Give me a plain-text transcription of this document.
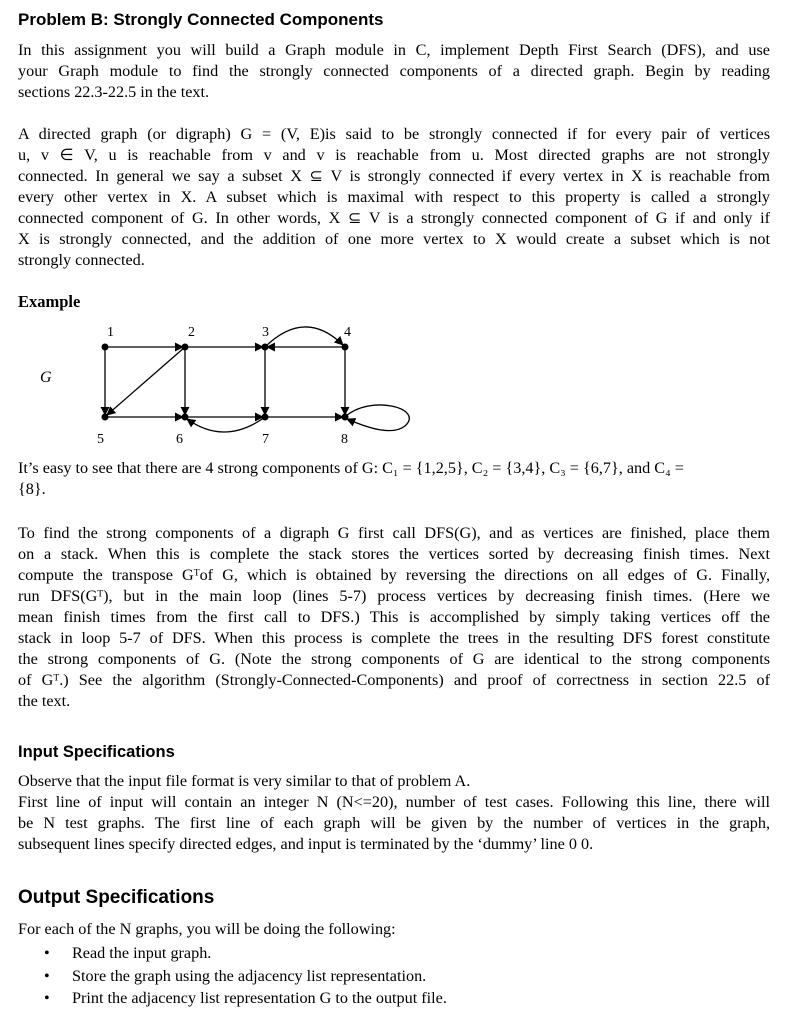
Problem B: Strongly Connected Components
In this assignment you will build a Graph module in C, implement Depth First Search (DFS), and use
your Graph module to find the strongly connected components of a directed graph. Begin by reading
sections 22.3-22.5 in the text.
A directed graph (or digraph) G = (V, E)is said to be strongly connected if for every pair of vertices
u, v ∈ V, u is reachable from v and v is reachable from u. Most directed graphs are not strongly
connected. In general we say a subset X ⊆ V is strongly connected if every vertex in X is reachable from
every other vertex in X. A subset which is maximal with respect to this property is called a strongly
connected component of G. In other words, X ⊆ V is a strongly connected component of G if and only if
X is strongly connected, and the addition of one more vertex to X would create a subset which is not
strongly connected.
Example
G
1	2	3	4
5	6	7	8
It’s easy to see that there are 4 strong components of G: C₁ = {1,2,5}, C₂ = {3,4}, C₃ = {6,7}, and C₄ =
{8}.
To find the strong components of a digraph G first call DFS(G), and as vertices are finished, place them
on a stack. When this is complete the stack stores the vertices sorted by decreasing finish times. Next
compute the transpose Gᵀof G, which is obtained by reversing the directions on all edges of G. Finally,
run DFS(Gᵀ), but in the main loop (lines 5-7) process vertices by decreasing finish times. (Here we
mean finish times from the first call to DFS.) This is accomplished by simply taking vertices off the
stack in loop 5-7 of DFS. When this process is complete the trees in the resulting DFS forest constitute
the strong components of G. (Note the strong components of G are identical to the strong components
of Gᵀ.) See the algorithm (Strongly-Connected-Components) and proof of correctness in section 22.5 of
the text.
Input Specifications
Observe that the input file format is very similar to that of problem A.
First line of input will contain an integer N (N<=20), number of test cases. Following this line, there will
be N test graphs. The first line of each graph will be given by the number of vertices in the graph,
subsequent lines specify directed edges, and input is terminated by the ‘dummy’ line 0 0.
Output Specifications
For each of the N graphs, you will be doing the following:
• Read the input graph.
• Store the graph using the adjacency list representation.
• Print the adjacency list representation G to the output file.
